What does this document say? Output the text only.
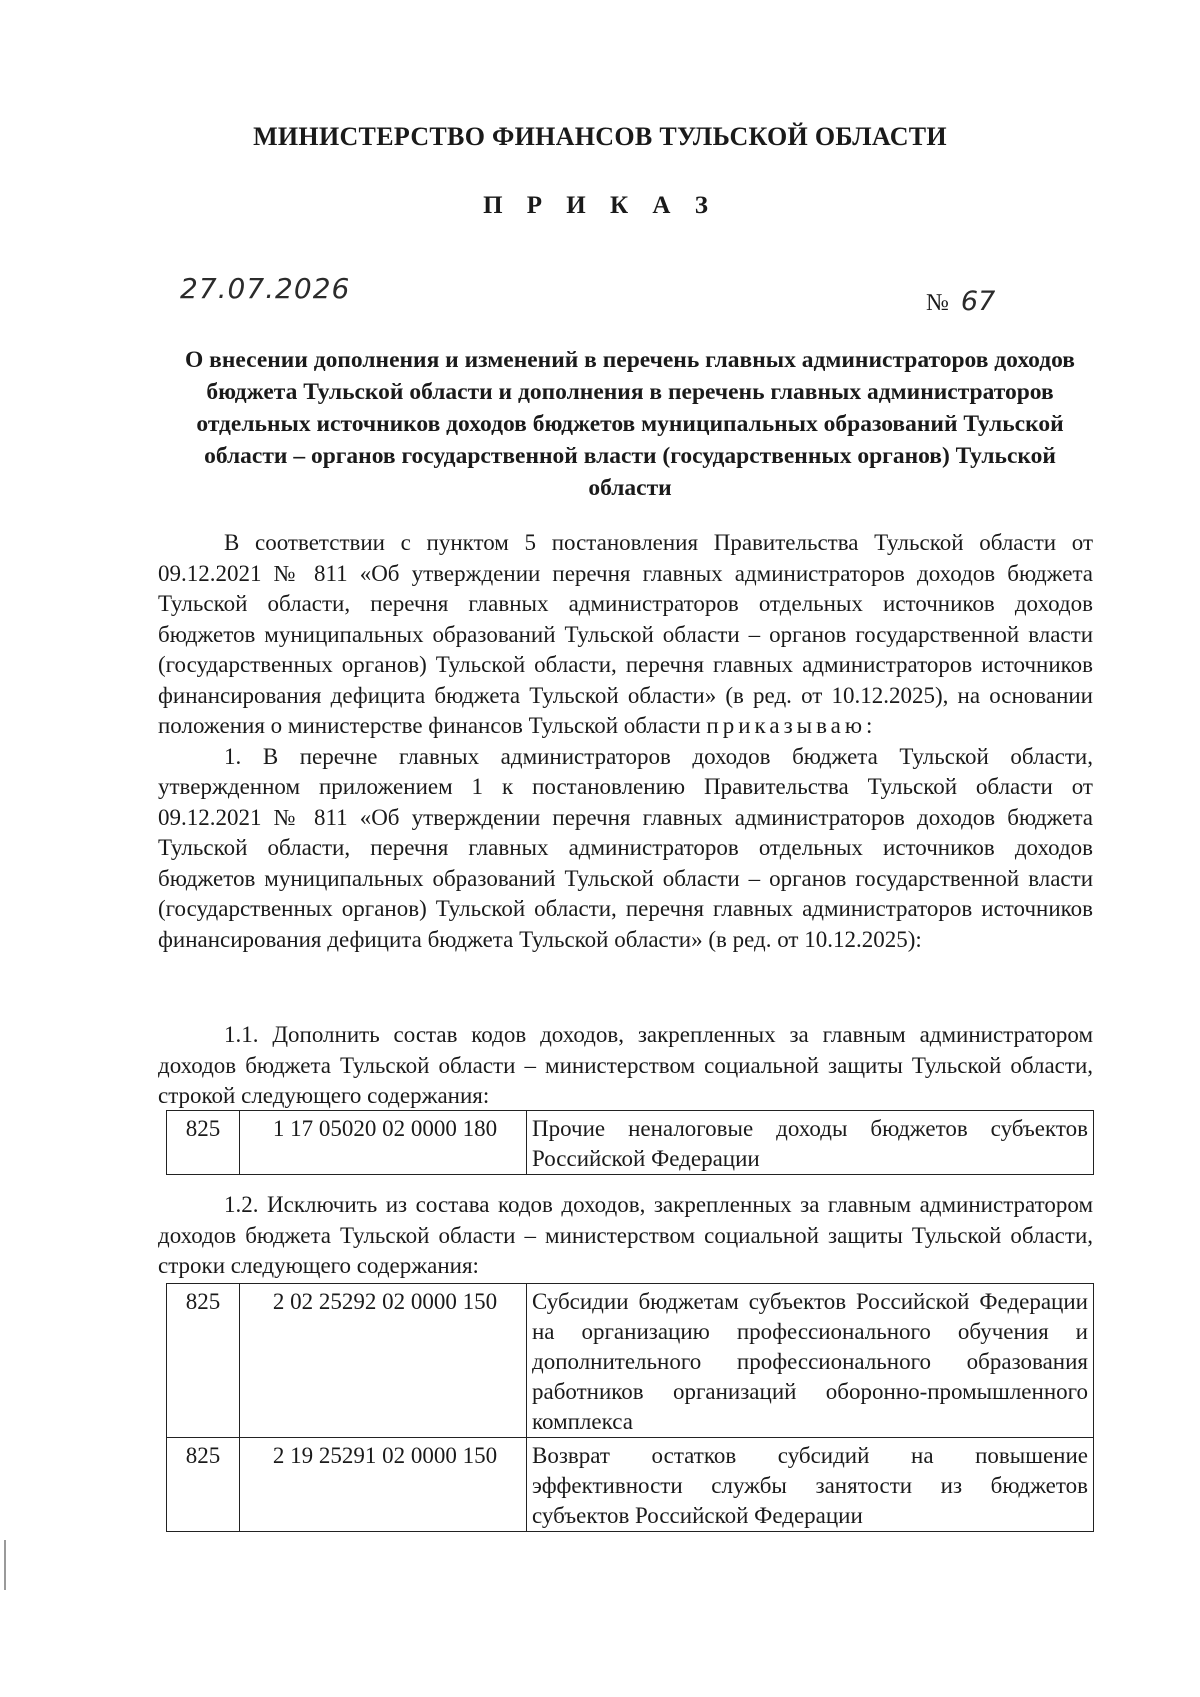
МИНИСТЕРСТВО ФИНАНСОВ ТУЛЬСКОЙ ОБЛАСТИ
П Р И К А З
27.07.2026	№ 67
О внесении дополнения и изменений в перечень главных администраторов доходов бюджета Тульской области и дополнения в перечень главных администраторов отдельных источников доходов бюджетов муниципальных образований Тульской области – органов государственной власти (государственных органов) Тульской области
В соответствии с пунктом 5 постановления Правительства Тульской области от 09.12.2021 № 811 «Об утверждении перечня главных администраторов доходов бюджета Тульской области, перечня главных администраторов отдельных источников доходов бюджетов муниципальных образований Тульской области – органов государственной власти (государственных органов) Тульской области, перечня главных администраторов источников финансирования дефицита бюджета Тульской области» (в ред. от 10.12.2025), на основании положения о министерстве финансов Тульской области приказываю:
1. В перечне главных администраторов доходов бюджета Тульской области, утвержденном приложением 1 к постановлению Правительства Тульской области от 09.12.2021 № 811 «Об утверждении перечня главных администраторов доходов бюджета Тульской области, перечня главных администраторов отдельных источников доходов бюджетов муниципальных образований Тульской области – органов государственной власти (государственных органов) Тульской области, перечня главных администраторов источников финансирования дефицита бюджета Тульской области» (в ред. от 10.12.2025):
1.1. Дополнить состав кодов доходов, закрепленных за главным администратором доходов бюджета Тульской области – министерством социальной защиты Тульской области, строкой следующего содержания:
825	1 17 05020 02 0000 180	Прочие неналоговые доходы бюджетов субъектов Российской Федерации
1.2. Исключить из состава кодов доходов, закрепленных за главным администратором доходов бюджета Тульской области – министерством социальной защиты Тульской области, строки следующего содержания:
825	2 02 25292 02 0000 150	Субсидии бюджетам субъектов Российской Федерации на организацию профессионального обучения и дополнительного профессионального образования работников организаций оборонно-промышленного комплекса
825	2 19 25291 02 0000 150	Возврат остатков субсидий на повышение эффективности службы занятости из бюджетов субъектов Российской Федерации
